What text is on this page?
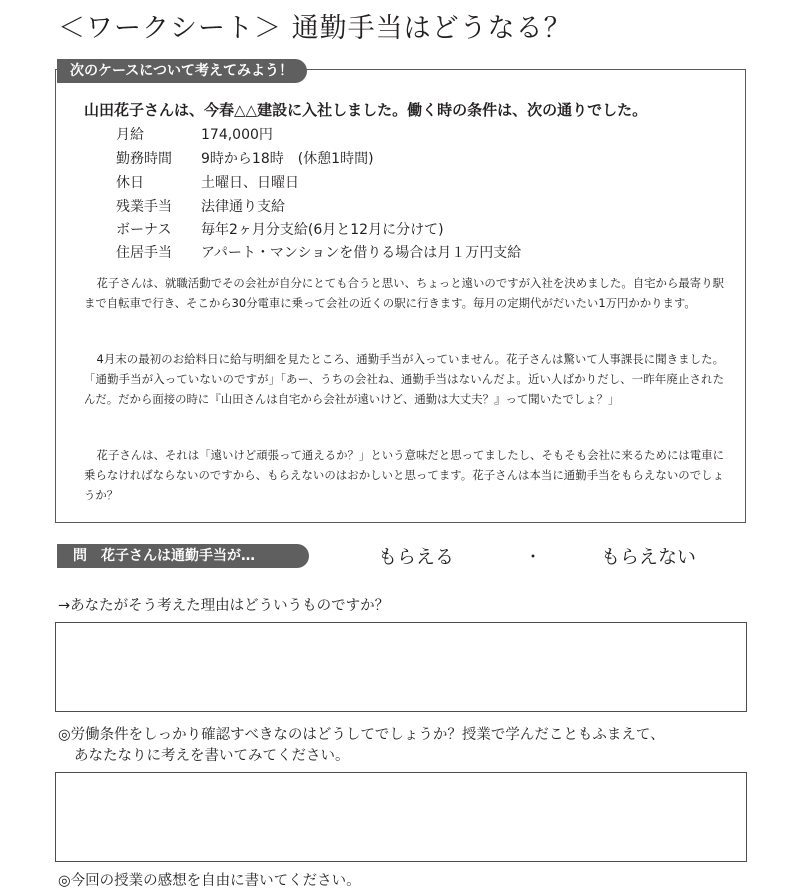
＜ワークシート＞ 通勤手当はどうなる？
次のケースについて考えてみよう！

山田花子さんは、今春△△建設に入社しました。働く時の条件は、次の通りでした。

月給	174,000円
勤務時間 9時から18時　(休憩1時間)
休日	土曜日、日曜日
残業手当 法律通り支給
ボーナス 毎年2ヶ月分支給(6月と12月に分けて)
住居手当 アパート・マンションを借りる場合は月１万円支給

花子さんは、就職活動でその会社が自分にとても合うと思い、ちょっと遠いのですが入社を決めました。自宅から最寄り駅まで自転車で行き、そこから30分電車に乗って会社の近くの駅に行きます。毎月の定期代がだいたい1万円かかります。

4月末の最初のお給料日に給与明細を見たところ、通勤手当が入っていません。花子さんは驚いて人事課長に聞きました。「通勤手当が入っていないのですが」「あー、うちの会社ね、通勤手当はないんだよ。近い人ばかりだし、一昨年廃止されたんだ。だから面接の時に『山田さんは自宅から会社が遠いけど、通勤は大丈夫？』って聞いたでしょ？」

花子さんは、それは「遠いけど頑張って通えるか？」という意味だと思ってましたし、そもそも会社に来るためには電車に乗らなければならないのですから、もらえないのはおかしいと思ってます。花子さんは本当に通勤手当をもらえないのでしょうか？

問　花子さんは通勤手当が…	もらえる	・	もらえない

→あなたがそう考えた理由はどういうものですか？

◎労働条件をしっかり確認すべきなのはどうしてでしょうか？授業で学んだこともふまえて、
あなたなりに考えを書いてみてください。

◎今回の授業の感想を自由に書いてください。
